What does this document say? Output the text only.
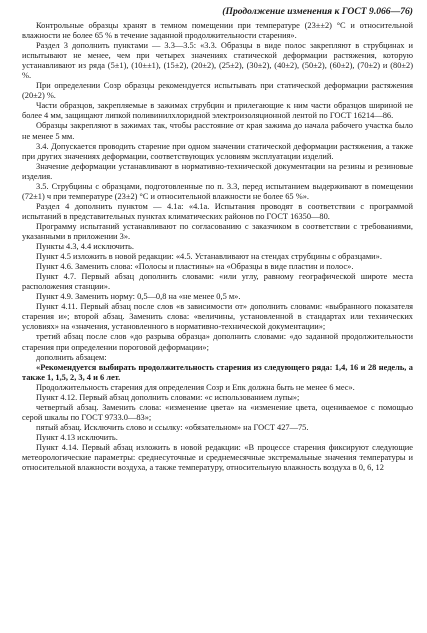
(Продолжение изменения к ГОСТ 9.066—76)

Контрольные образцы хранят в темном помещении при температуре (23±±2) °С и относительной влажности не более 65 % в течение заданной продолжительности старения».

Раздел 3 дополнить пунктами — 3.3—3.5: «3.3. Образцы в виде полос закрепляют в струбцинах и испытывают не менее, чем при четырех значениях статической деформации растяжения, которую устанавливают из ряда (5±1), (10±±1), (15±2), (20±2), (25±2), (30±2), (40±2), (50±2), (60±2), (70±2) и (80±2) %.

При определении Cозр образцы рекомендуется испытывать при статической деформации растяжения (20±2) %.

Части образцов, закрепляемые в зажимах струбцин и прилегающие к ним части образцов шириной не более 4 мм, защищают липкой поливинилхлоридной электроизоляционной лентой по ГОСТ 16214—86.

Образцы закрепляют в зажимах так, чтобы расстояние от края зажима до начала рабочего участка было не менее 5 мм.

3.4. Допускается проводить старение при одном значении статической деформации растяжения, а также при других значениях деформации, соответствующих условиям эксплуатации изделий.

Значение деформации устанавливают в нормативно-технической документации на резины и резиновые изделия.

3.5. Струбцины с образцами, подготовленные по п. 3.3, перед испытанием выдерживают в помещении (72±1) ч при температуре (23±2) °С и относительной влажности не более 65 %».

Раздел 4 дополнить пунктом — 4.1а: «4.1а. Испытания проводят в соответствии с программой испытаний в представительных пунктах климатических районов по ГОСТ 16350—80.

Программу испытаний устанавливают по согласованию с заказчиком в соответствии с требованиями, указанными в приложении 3».

Пункты 4.3, 4.4 исключить.

Пункт 4.5 изложить в новой редакции: «4.5. Устанавливают на стендах струбцины с образцами».

Пункт 4.6. Заменить слова: «Полосы и пластины» на «Образцы в виде пластин и полос».

Пункт 4.7. Первый абзац дополнить словами: «или углу, равному географической широте места расположения станции».

Пункт 4.9. Заменить норму: 0,5—0,8 на «не менее 0,5 м».

Пункт 4.11. Первый абзац после слов «в зависимости от» дополнить словами: «выбранного показателя старения и»; второй абзац. Заменить слова: «величины, установленной в стандартах или технических условиях» на «значения, установленного в нормативно-технической документации»;

третий абзац после слов «до разрыва образца» дополнить словами: «до заданной продолжительности старения при определении пороговой деформации»;

дополнить абзацем:

«Рекомендуется выбирать продолжительность старения из следующего ряда: 1,4, 16 и 28 недель, а также 1, 1,5, 2, 3, 4 и 6 лет.

Продолжительность старения для определения Cозр и Eпк должна быть не менее 6 мес».

Пункт 4.12. Первый абзац дополнить словами: «с использованием лупы»;

четвертый абзац. Заменить слова: «изменение цвета» на «изменение цвета, оцениваемое с помощью серой шкалы по ГОСТ 9733.0—83»;

пятый абзац. Исключить слово и ссылку: «обязательном» на ГОСТ 427—75.

Пункт 4.13 исключить.

Пункт 4.14. Первый абзац изложить в новой редакции: «В процессе старения фиксируют следующие метеорологические параметры: среднесуточные и среднемесячные экстремальные значения температуры и относительной влажности воздуха, а также температуру, относительную влажность воздуха в 0, 6, 12
